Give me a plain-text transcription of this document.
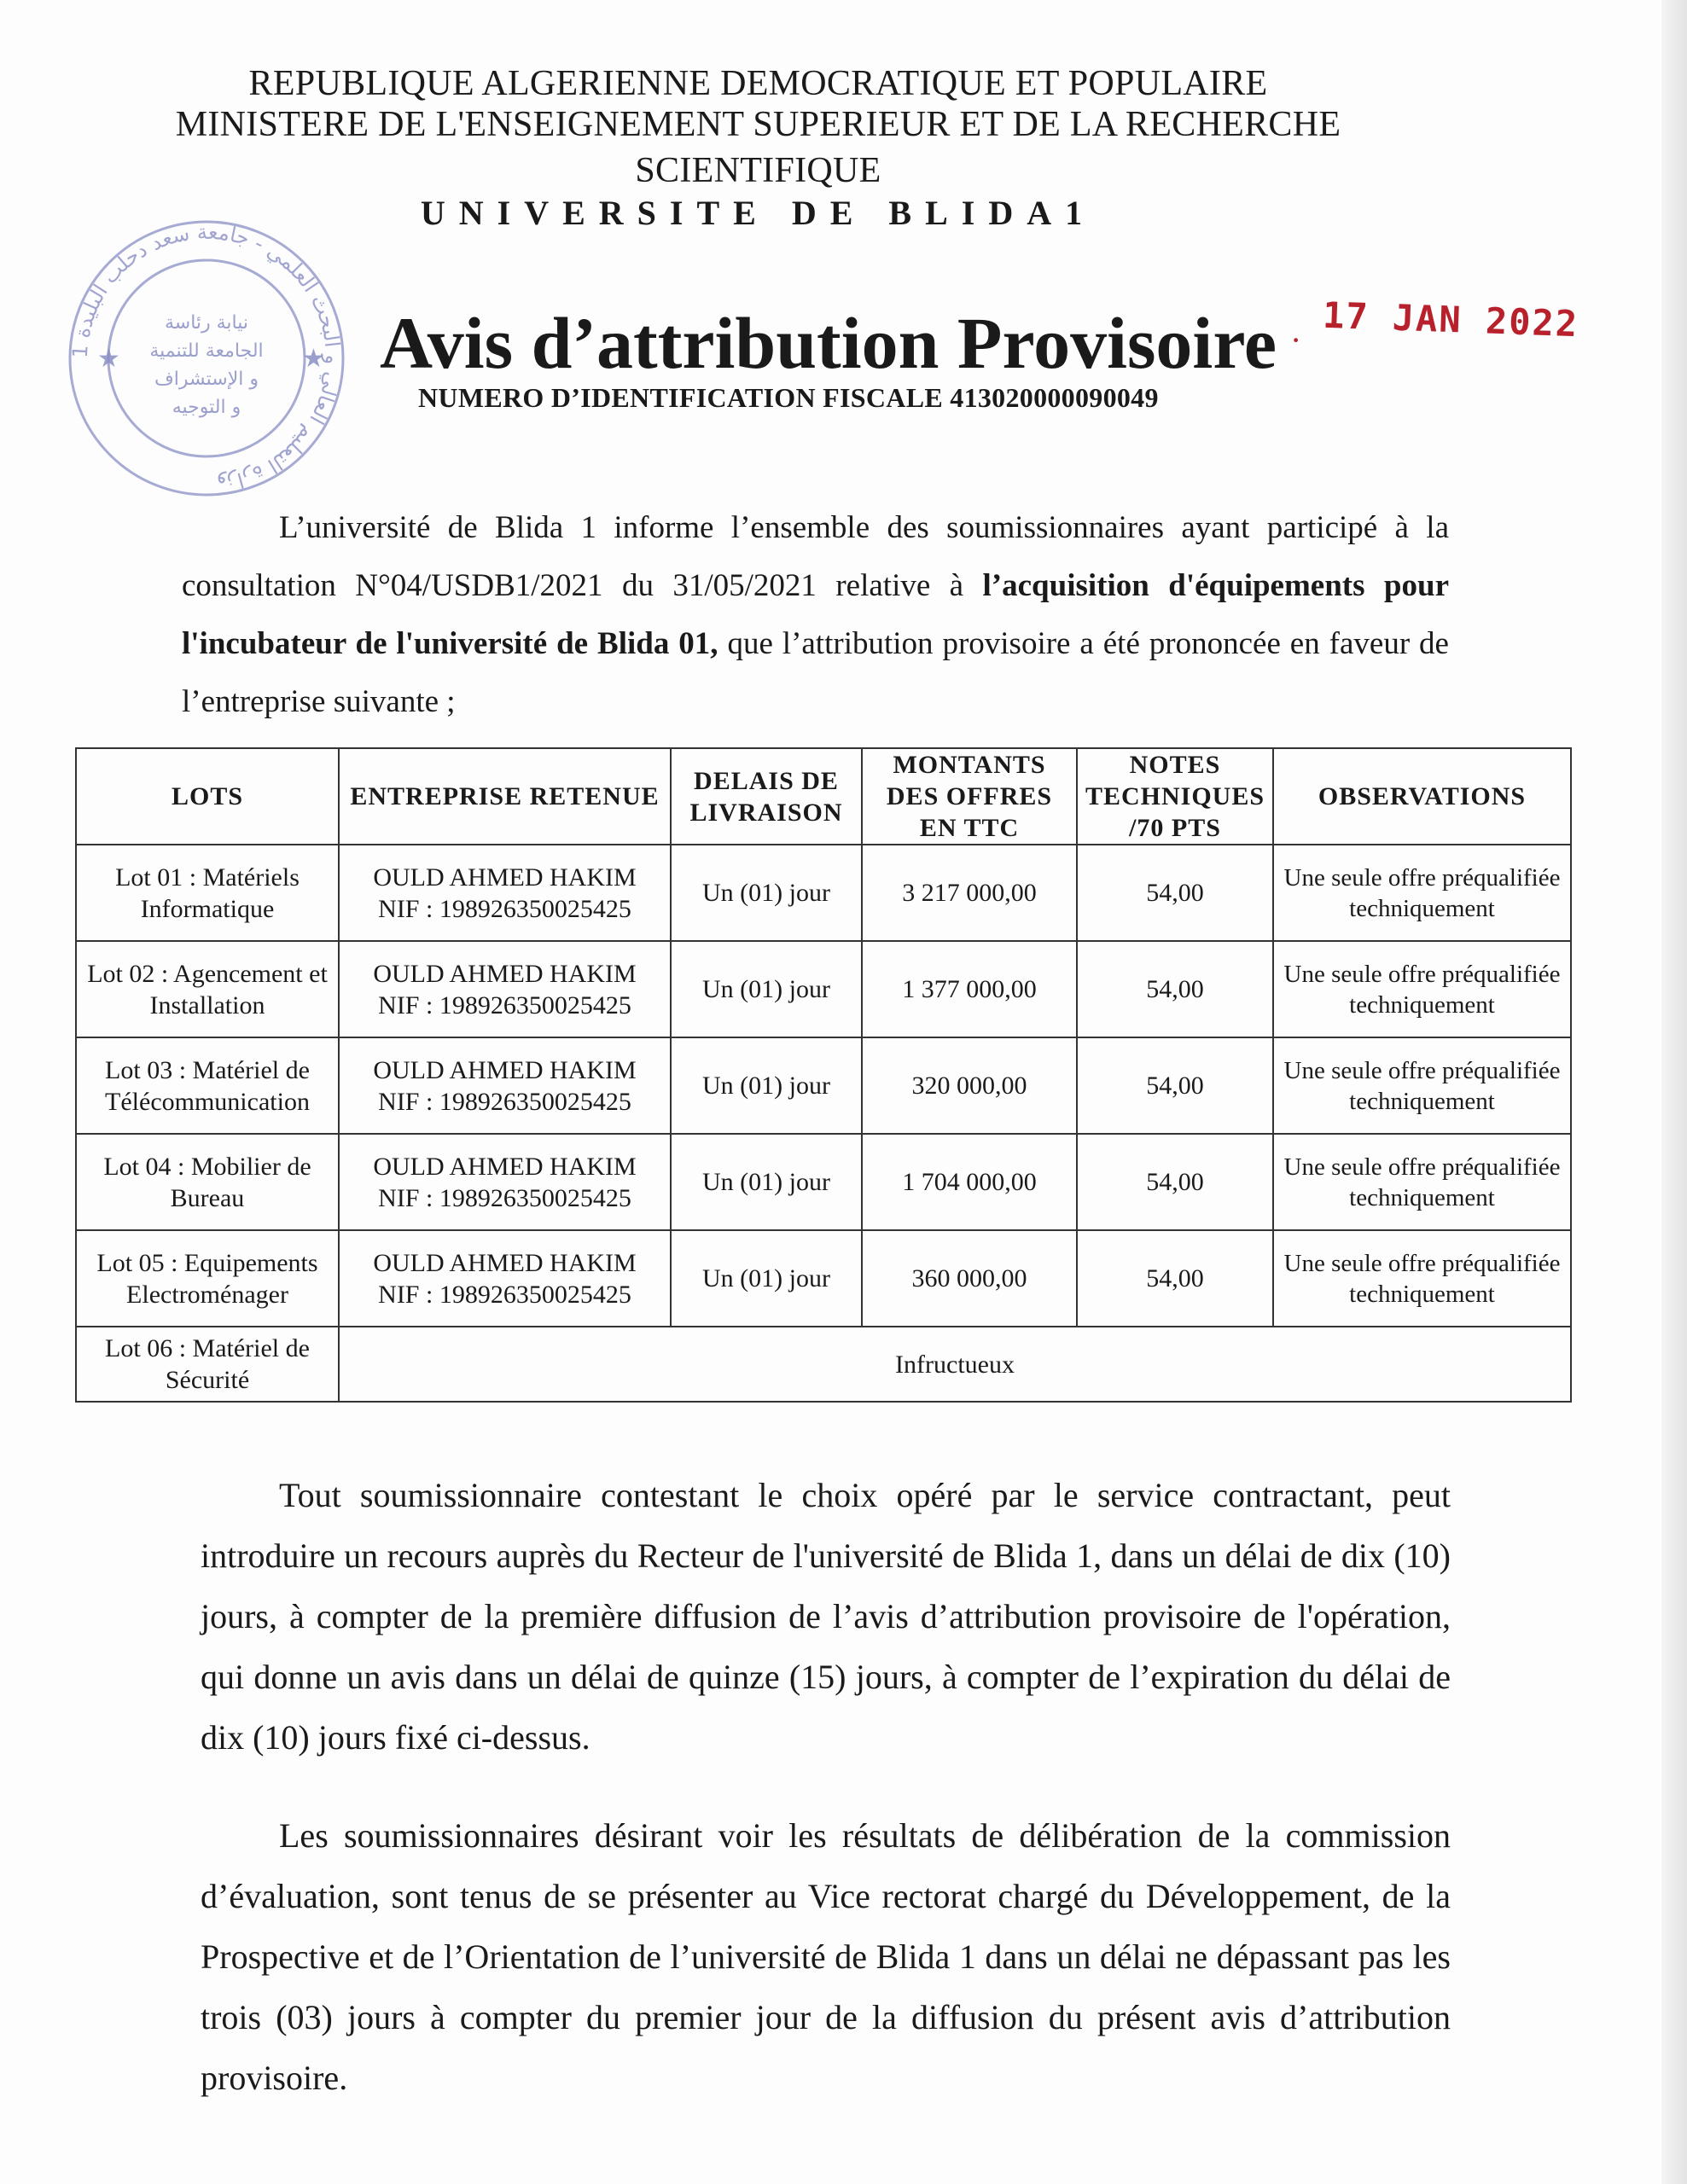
REPUBLIQUE ALGERIENNE DEMOCRATIQUE ET POPULAIRE
MINISTERE DE L'ENSEIGNEMENT SUPERIEUR ET DE LA RECHERCHE
SCIENTIFIQUE
UNIVERSITE DE BLIDA1
وزارة التعليم العالي و البحث العلمي - جامعة سعد دحلب البليدة 1
نيابة رئاسة
الجامعة للتنمية
و الإستشراف
و التوجيه
★	★	· 17 JAN 2022
Avis d’attribution Provisoire
NUMERO D’IDENTIFICATION FISCALE 413020000090049

L’université de Blida 1 informe l’ensemble des soumissionnaires ayant participé à la consultation N°04/USDB1/2021 du 31/05/2021 relative à l’acquisition d'équipements pour l'incubateur de l'université de Blida 01, que l’attribution provisoire a été prononcée en faveur de l’entreprise suivante ;

LOTS	ENTREPRISE RETENUE	DELAIS DE LIVRAISON	MONTANTS DES OFFRES EN TTC	NOTES TECHNIQUES /70 PTS	OBSERVATIONS
Lot 01 : Matériels Informatique	OULD AHMED HAKIM
NIF : 198926350025425	Un (01) jour	3 217 000,00	54,00	Une seule offre préqualifiée techniquement
Lot 02 : Agencement et Installation	OULD AHMED HAKIM
NIF : 198926350025425	Un (01) jour	1 377 000,00	54,00	Une seule offre préqualifiée techniquement
Lot 03 : Matériel de Télécommunication	OULD AHMED HAKIM
NIF : 198926350025425	Un (01) jour	320 000,00	54,00	Une seule offre préqualifiée techniquement
Lot 04 : Mobilier de Bureau	OULD AHMED HAKIM
NIF : 198926350025425	Un (01) jour	1 704 000,00	54,00	Une seule offre préqualifiée techniquement
Lot 05 : Equipements Electroménager	OULD AHMED HAKIM
NIF : 198926350025425	Un (01) jour	360 000,00	54,00	Une seule offre préqualifiée techniquement
Lot 06 : Matériel de Sécurité	Infructueux				

Tout soumissionnaire contestant le choix opéré par le service contractant, peut introduire un recours auprès du Recteur de l'université de Blida 1, dans un délai de dix (10) jours, à compter de la première diffusion de l’avis d’attribution provisoire de l'opération, qui donne un avis dans un délai de quinze (15) jours, à compter de l’expiration du délai de dix (10) jours fixé ci-dessus.

Les soumissionnaires désirant voir les résultats de délibération de la commission d’évaluation, sont tenus de se présenter au Vice rectorat chargé du Développement, de la Prospective et de l’Orientation de l’université de Blida 1 dans un délai ne dépassant pas les trois (03) jours à compter du premier jour de la diffusion du présent avis d’attribution provisoire.
